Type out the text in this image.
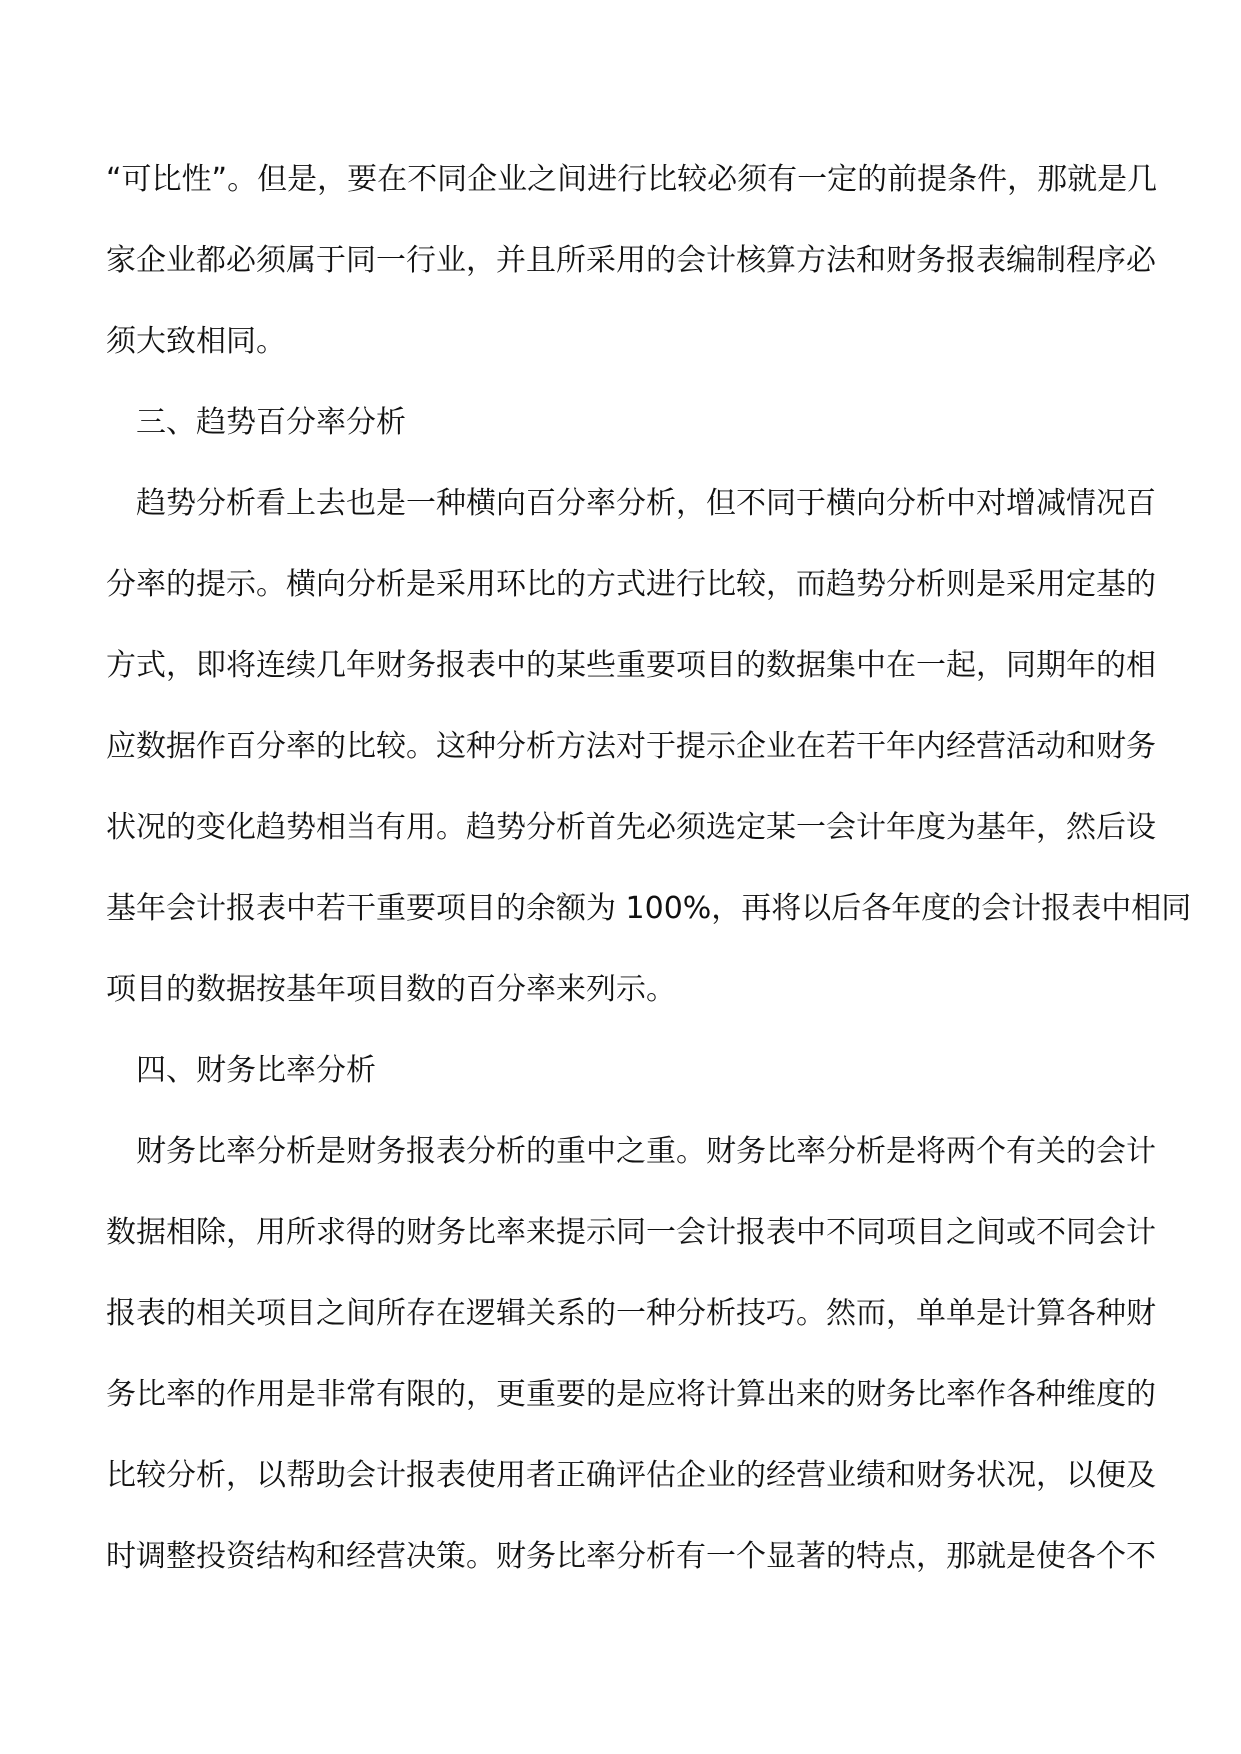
“可比性”。但是，要在不同企业之间进行比较必须有一定的前提条件，那就是几
家企业都必须属于同一行业，并且所采用的会计核算方法和财务报表编制程序必
须大致相同。
三、趋势百分率分析
趋势分析看上去也是一种横向百分率分析，但不同于横向分析中对增减情况百
分率的提示。横向分析是采用环比的方式进行比较，而趋势分析则是采用定基的
方式，即将连续几年财务报表中的某些重要项目的数据集中在一起，同期年的相
应数据作百分率的比较。这种分析方法对于提示企业在若干年内经营活动和财务
状况的变化趋势相当有用。趋势分析首先必须选定某一会计年度为基年，然后设
基年会计报表中若干重要项目的余额为 100%，再将以后各年度的会计报表中相同
项目的数据按基年项目数的百分率来列示。
四、财务比率分析
财务比率分析是财务报表分析的重中之重。财务比率分析是将两个有关的会计
数据相除，用所求得的财务比率来提示同一会计报表中不同项目之间或不同会计
报表的相关项目之间所存在逻辑关系的一种分析技巧。然而，单单是计算各种财
务比率的作用是非常有限的，更重要的是应将计算出来的财务比率作各种维度的
比较分析，以帮助会计报表使用者正确评估企业的经营业绩和财务状况，以便及
时调整投资结构和经营决策。财务比率分析有一个显著的特点，那就是使各个不
